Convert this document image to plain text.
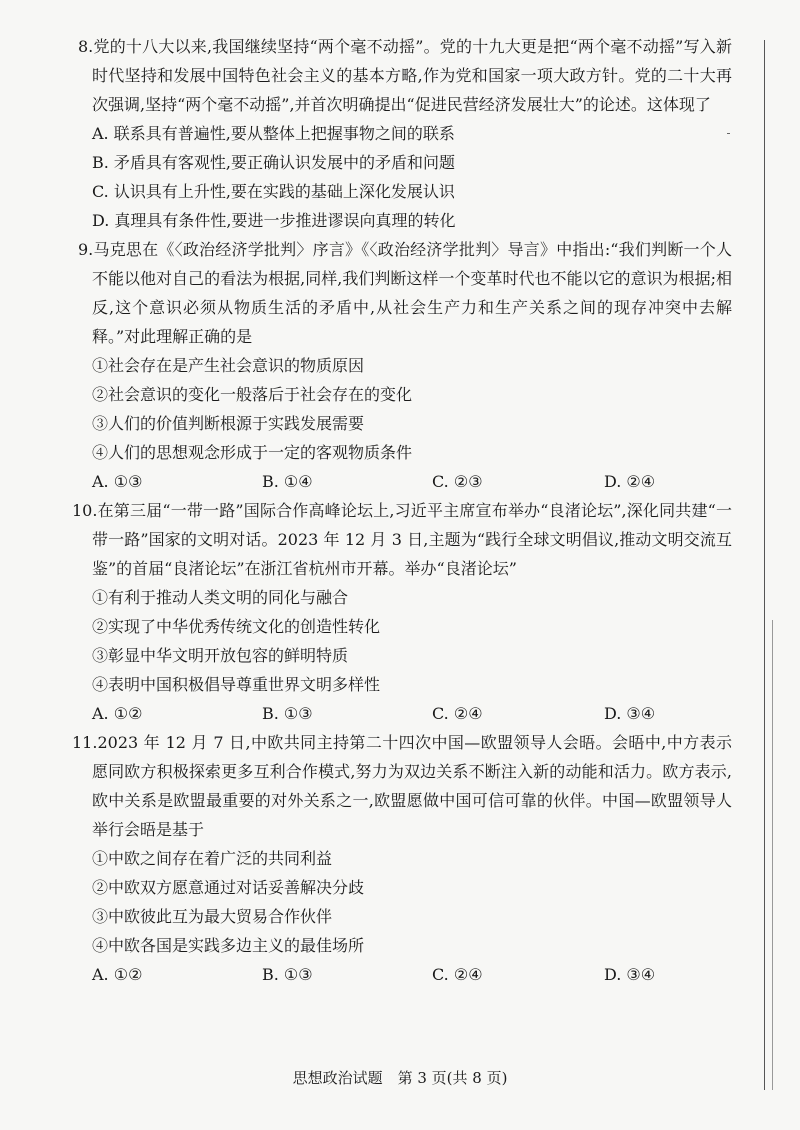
8.党的十八大以来,我国继续坚持“两个毫不动摇”。党的十九大更是把“两个毫不动摇”写入新时代坚持和发展中国特色社会主义的基本方略,作为党和国家一项大政方针。党的二十大再次强调,坚持“两个毫不动摇”,并首次明确提出“促进民营经济发展壮大”的论述。这体现了

A. 联系具有普遍性,要从整体上把握事物之间的联系

B. 矛盾具有客观性,要正确认识发展中的矛盾和问题

C. 认识具有上升性,要在实践的基础上深化发展认识

D. 真理具有条件性,要进一步推进谬误向真理的转化

9.马克思在《〈政治经济学批判〉序言》《〈政治经济学批判〉导言》中指出:“我们判断一个人不能以他对自己的看法为根据,同样,我们判断这样一个变革时代也不能以它的意识为根据;相反,这个意识必须从物质生活的矛盾中,从社会生产力和生产关系之间的现存冲突中去解释。”对此理解正确的是

①社会存在是产生社会意识的物质原因

②社会意识的变化一般落后于社会存在的变化

③人们的价值判断根源于实践发展需要

④人们的思想观念形成于一定的客观物质条件

A. ①③	B. ①④	C. ②③	D. ②④

10.在第三届“一带一路”国际合作高峰论坛上,习近平主席宣布举办“良渚论坛”,深化同共建“一带一路”国家的文明对话。2023 年 12 月 3 日,主题为“践行全球文明倡议,推动文明交流互鉴”的首届“良渚论坛”在浙江省杭州市开幕。举办“良渚论坛”

①有利于推动人类文明的同化与融合

②实现了中华优秀传统文化的创造性转化

③彰显中华文明开放包容的鲜明特质

④表明中国积极倡导尊重世界文明多样性

A. ①②	B. ①③	C. ②④	D. ③④

11.2023 年 12 月 7 日,中欧共同主持第二十四次中国—欧盟领导人会晤。会晤中,中方表示愿同欧方积极探索更多互利合作模式,努力为双边关系不断注入新的动能和活力。欧方表示,欧中关系是欧盟最重要的对外关系之一,欧盟愿做中国可信可靠的伙伴。中国—欧盟领导人举行会晤是基于

①中欧之间存在着广泛的共同利益

②中欧双方愿意通过对话妥善解决分歧

③中欧彼此互为最大贸易合作伙伴

④中欧各国是实践多边主义的最佳场所

A. ①②	B. ①③	C. ②④	D. ③④
思想政治试题　第 3 页(共 8 页)
